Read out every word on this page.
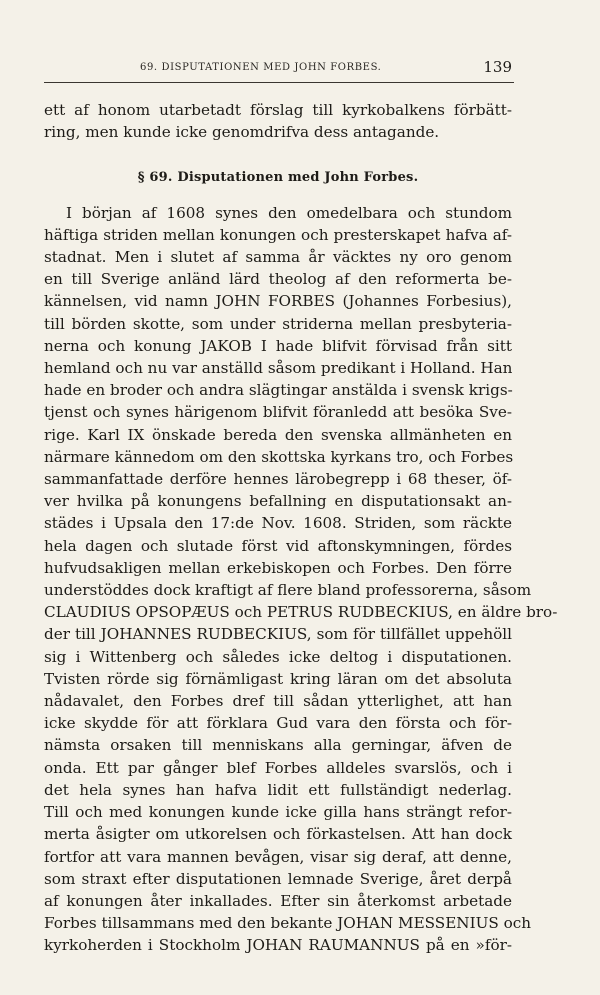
69. DISPUTATIONEN MED JOHN FORBES.	139

ett af honom utarbetadt förslag till kyrkobalkens förbätt-
ring, men kunde icke genomdrifva dess antagande.

§ 69. Disputationen med John Forbes.

I början af 1608 synes den omedelbara och stundom
häftiga striden mellan konungen och presterskapet hafva af-
stadnat. Men i slutet af samma år väcktes ny oro genom
en till Sverige anländ lärd theolog af den reformerta be-
kännelsen, vid namn JOHN FORBES (Johannes Forbesius),
till börden skotte, som under striderna mellan presbyteria-
nerna och konung JAKOB I hade blifvit förvisad från sitt
hemland och nu var anställd såsom predikant i Holland. Han
hade en broder och andra slägtingar anstälda i svensk krigs-
tjenst och synes härigenom blifvit föranledd att besöka Sve-
rige. Karl IX önskade bereda den svenska allmänheten en
närmare kännedom om den skottska kyrkans tro, och Forbes
sammanfattade derföre hennes lärobegrepp i 68 theser, öf-
ver hvilka på konungens befallning en disputationsakt an-
städes i Upsala den 17:de Nov. 1608. Striden, som räckte
hela dagen och slutade först vid aftonskymningen, fördes
hufvudsakligen mellan erkebiskopen och Forbes. Den förre
understöddes dock kraftigt af flere bland professorerna, såsom
CLAUDIUS OPSOPÆUS och PETRUS RUDBECKIUS, en äldre bro-
der till JOHANNES RUDBECKIUS, som för tillfället uppehöll
sig i Wittenberg och således icke deltog i disputationen.
Tvisten rörde sig förnämligast kring läran om det absoluta
nådavalet, den Forbes dref till sådan ytterlighet, att han
icke skydde för att förklara Gud vara den första och för-
nämsta orsaken till menniskans alla gerningar, äfven de
onda. Ett par gånger blef Forbes alldeles svarslös, och i
det hela synes han hafva lidit ett fullständigt nederlag.
Till och med konungen kunde icke gilla hans strängt refor-
merta åsigter om utkorelsen och förkastelsen. Att han dock
fortfor att vara mannen bevågen, visar sig deraf, att denne,
som straxt efter disputationen lemnade Sverige, året derpå
af konungen åter inkallades. Efter sin återkomst arbetade
Forbes tillsammans med den bekante JOHAN MESSENIUS och
kyrkoherden i Stockholm JOHAN RAUMANNUS på en »för-
